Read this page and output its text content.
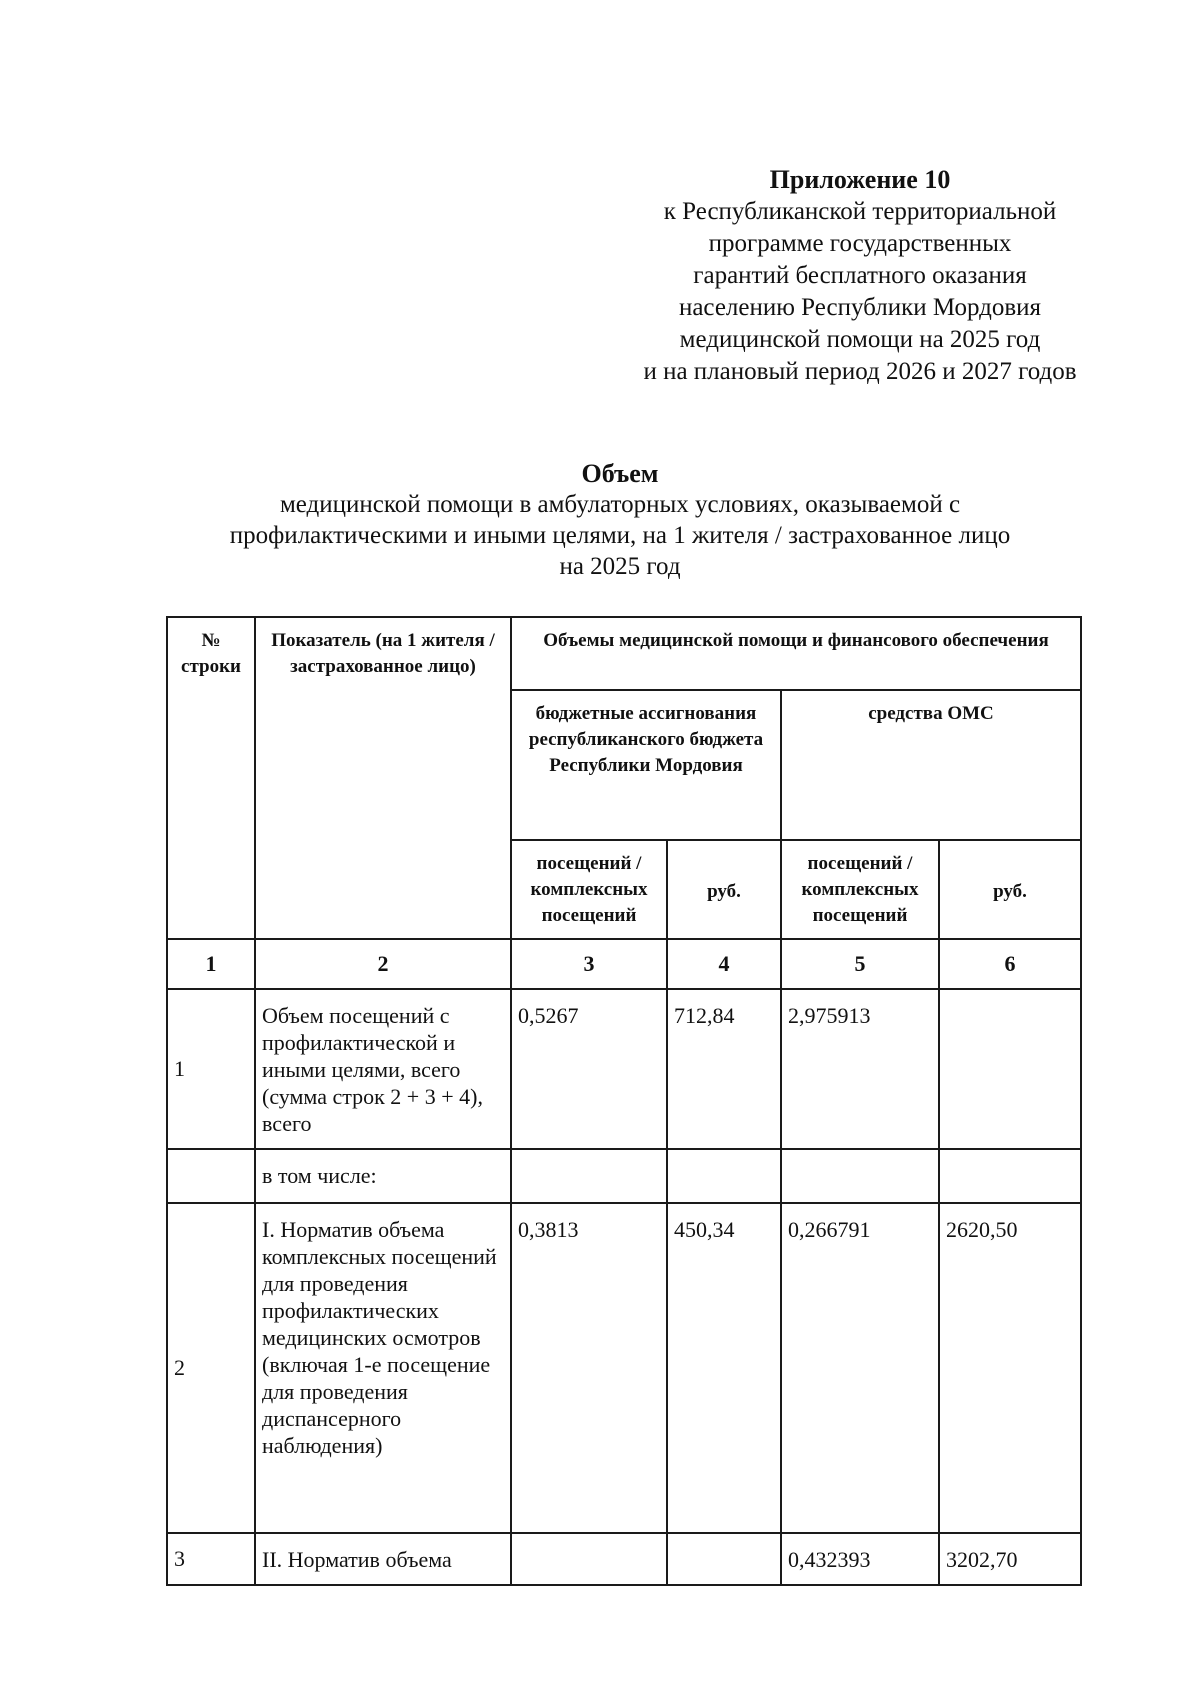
Приложение 10
к Республиканской территориальной
программе государственных
гарантий бесплатного оказания
населению Республики Мордовия
медицинской помощи на 2025 год
и на плановый период 2026 и 2027 годов
Объем
медицинской помощи в амбулаторных условиях, оказываемой с
профилактическими и иными целями, на 1 жителя / застрахованное лицо
на 2025 год
№ строки	Показатель (на 1 жителя / застрахованное лицо)	Объемы медицинской помощи и финансового обеспечения			
		бюджетные ассигнования республиканского бюджета Республики Мордовия		средства ОМС	
		посещений / комплексных посещений	руб.	посещений / комплексных посещений	руб.
1	2	3	4	5	6
1	Объем посещений с профилактической и иными целями, всего (сумма строк 2 + 3 + 4), всего	0,5267	712,84	2,975913	
	в том числе:				
2	I. Норматив объема комплексных посещений для проведения профилактических медицинских осмотров (включая 1-е посещение для проведения диспансерного наблюдения)	0,3813	450,34	0,266791	2620,50
3	II. Норматив объема			0,432393	3202,70
